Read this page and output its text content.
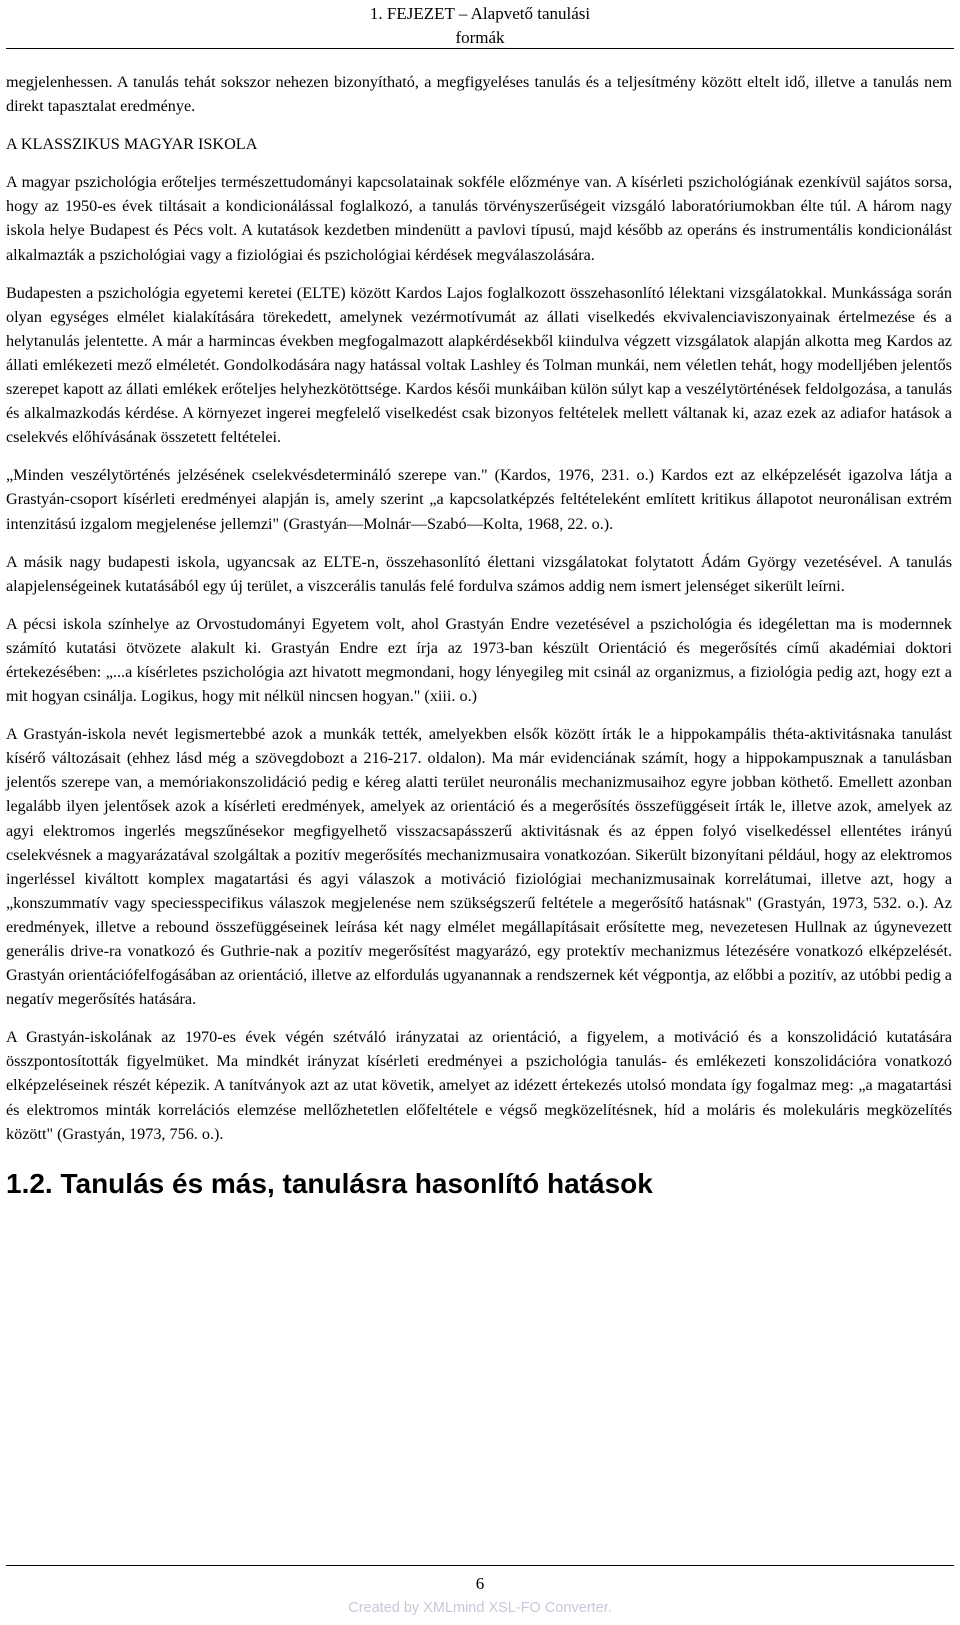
1. FEJEZET – Alapvető tanulási
formák

megjelenhessen. A tanulás tehát sokszor nehezen bizonyítható, a megfigyeléses tanulás és a teljesítmény között eltelt idő, illetve a tanulás nem direkt tapasztalat eredménye.

A KLASSZIKUS MAGYAR ISKOLA

A magyar pszichológia erőteljes természettudományi kapcsolatainak sokféle előzménye van. A kísérleti pszichológiának ezenkívül sajátos sorsa, hogy az 1950-es évek tiltásait a kondicionálással foglalkozó, a tanulás törvényszerűségeit vizsgáló laboratóriumokban élte túl. A három nagy iskola helye Budapest és Pécs volt. A kutatások kezdetben mindenütt a pavlovi típusú, majd később az operáns és instrumentális kondicionálást alkalmazták a pszichológiai vagy a fiziológiai és pszichológiai kérdések megválaszolására.

Budapesten a pszichológia egyetemi keretei (ELTE) között Kardos Lajos foglalkozott összehasonlító lélektani vizsgálatokkal. Munkássága során olyan egységes elmélet kialakítására törekedett, amelynek vezérmotívumát az állati viselkedés ekvivalenciaviszonyainak értelmezése és a helytanulás jelentette. A már a harmincas években megfogalmazott alapkérdésekből kiindulva végzett vizsgálatok alapján alkotta meg Kardos az állati emlékezeti mező elméletét. Gondolkodására nagy hatással voltak Lashley és Tolman munkái, nem véletlen tehát, hogy modelljében jelentős szerepet kapott az állati emlékek erőteljes helyhezkötöttsége. Kardos késői munkáiban külön súlyt kap a veszélytörténések feldolgozása, a tanulás és alkalmazkodás kérdése. A környezet ingerei megfelelő viselkedést csak bizonyos feltételek mellett váltanak ki, azaz ezek az adiafor hatások a cselekvés előhívásának összetett feltételei.

„Minden veszélytörténés jelzésének cselekvésdetermináló szerepe van." (Kardos, 1976, 231. o.) Kardos ezt az elképzelését igazolva látja a Grastyán-csoport kísérleti eredményei alapján is, amely szerint „a kapcsolatképzés feltételeként említett kritikus állapotot neuronálisan extrém intenzitású izgalom megjelenése jellemzi" (Grastyán—Molnár—Szabó—Kolta, 1968, 22. o.).

A másik nagy budapesti iskola, ugyancsak az ELTE-n, összehasonlító élettani vizsgálatokat folytatott Ádám György vezetésével. A tanulás alapjelenségeinek kutatásából egy új terület, a viszcerális tanulás felé fordulva számos addig nem ismert jelenséget sikerült leírni.

A pécsi iskola színhelye az Orvostudományi Egyetem volt, ahol Grastyán Endre vezetésével a pszichológia és idegélettan ma is modernnek számító kutatási ötvözete alakult ki. Grastyán Endre ezt írja az 1973-ban készült Orientáció és megerősítés című akadémiai doktori értekezésében: „...a kísérletes pszichológia azt hivatott megmondani, hogy lényegileg mit csinál az organizmus, a fiziológia pedig azt, hogy ezt a mit hogyan csinálja. Logikus, hogy mit nélkül nincsen hogyan." (xiii. o.)

A Grastyán-iskola nevét legismertebbé azok a munkák tették, amelyekben elsők között írták le a hippokampális théta-aktivitásnaka tanulást kísérő változásait (ehhez lásd még a szövegdobozt a 216-217. oldalon). Ma már evidenciának számít, hogy a hippokampusznak a tanulásban jelentős szerepe van, a memóriakonszolidáció pedig e kéreg alatti terület neuronális mechanizmusaihoz egyre jobban köthető. Emellett azonban legalább ilyen jelentősek azok a kísérleti eredmények, amelyek az orientáció és a megerősítés összefüggéseit írták le, illetve azok, amelyek az agyi elektromos ingerlés megszűnésekor megfigyelhető visszacsapásszerű aktivitásnak és az éppen folyó viselkedéssel ellentétes irányú cselekvésnek a magyarázatával szolgáltak a pozitív megerősítés mechanizmusaira vonatkozóan. Sikerült bizonyítani például, hogy az elektromos ingerléssel kiváltott komplex magatartási és agyi válaszok a motiváció fiziológiai mechanizmusainak korrelátumai, illetve azt, hogy a „konszummatív vagy speciesspecifikus válaszok megjelenése nem szükségszerű feltétele a megerősítő hatásnak" (Grastyán, 1973, 532. o.). Az eredmények, illetve a rebound összefüggéseinek leírása két nagy elmélet megállapításait erősítette meg, nevezetesen Hullnak az úgynevezett generális drive-ra vonatkozó és Guthrie-nak a pozitív megerősítést magyarázó, egy protektív mechanizmus létezésére vonatkozó elképzelését. Grastyán orientációfelfogásában az orientáció, illetve az elfordulás ugyanannak a rendszernek két végpontja, az előbbi a pozitív, az utóbbi pedig a negatív megerősítés hatására.

A Grastyán-iskolának az 1970-es évek végén szétváló irányzatai az orientáció, a figyelem, a motiváció és a konszolidáció kutatására összpontosították figyelmüket. Ma mindkét irányzat kísérleti eredményei a pszichológia tanulás- és emlékezeti konszolidációra vonatkozó elképzeléseinek részét képezik. A tanítványok azt az utat követik, amelyet az idézett értekezés utolsó mondata így fogalmaz meg: „a magatartási és elektromos minták korrelációs elemzése mellőzhetetlen előfeltétele e végső megközelítésnek, híd a moláris és molekuláris megközelítés között" (Grastyán, 1973, 756. o.).

1.2. Tanulás és más, tanulásra hasonlító hatások
6
Created by XMLmind XSL-FO Converter.
